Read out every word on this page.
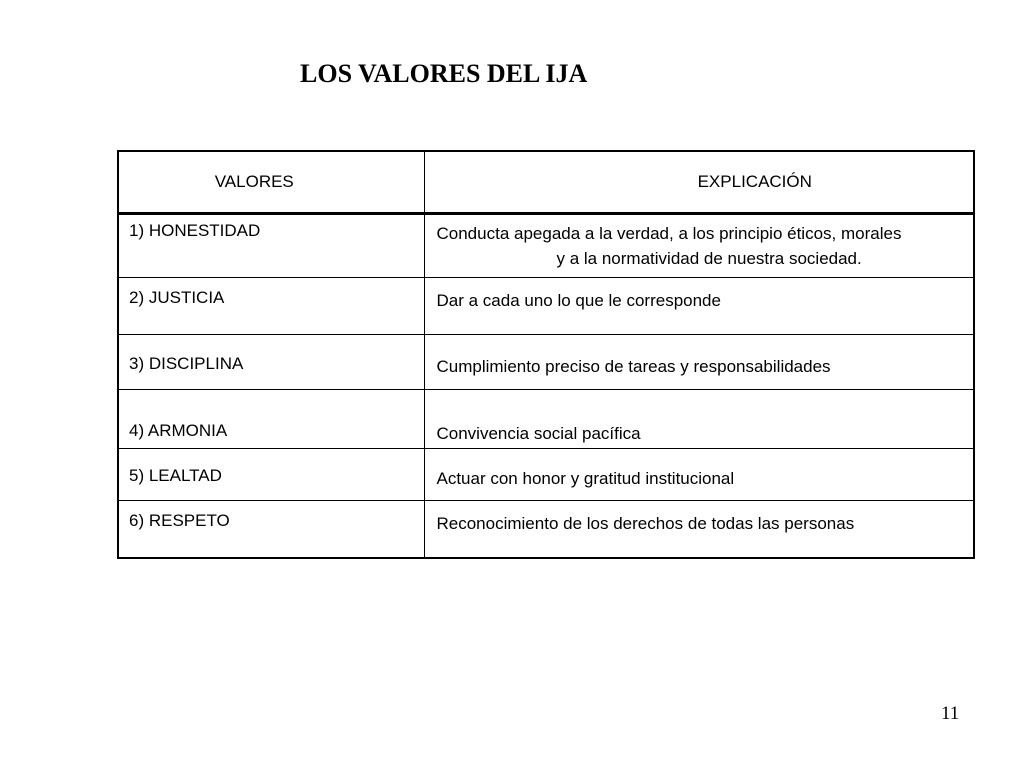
LOS VALORES DEL IJA
VALORES	EXPLICACIÓN

1) HONESTIDAD	Conducta apegada a la verdad, a los principio éticos, morales
y a la normatividad de nuestra sociedad.

2) JUSTICIA	Dar a cada uno lo que le corresponde

3) DISCIPLINA	Cumplimiento preciso de tareas y responsabilidades

4) ARMONIA	Convivencia social pacífica

5) LEALTAD	Actuar con honor y gratitud institucional

6) RESPETO	Reconocimiento de los derechos de todas las personas
11
